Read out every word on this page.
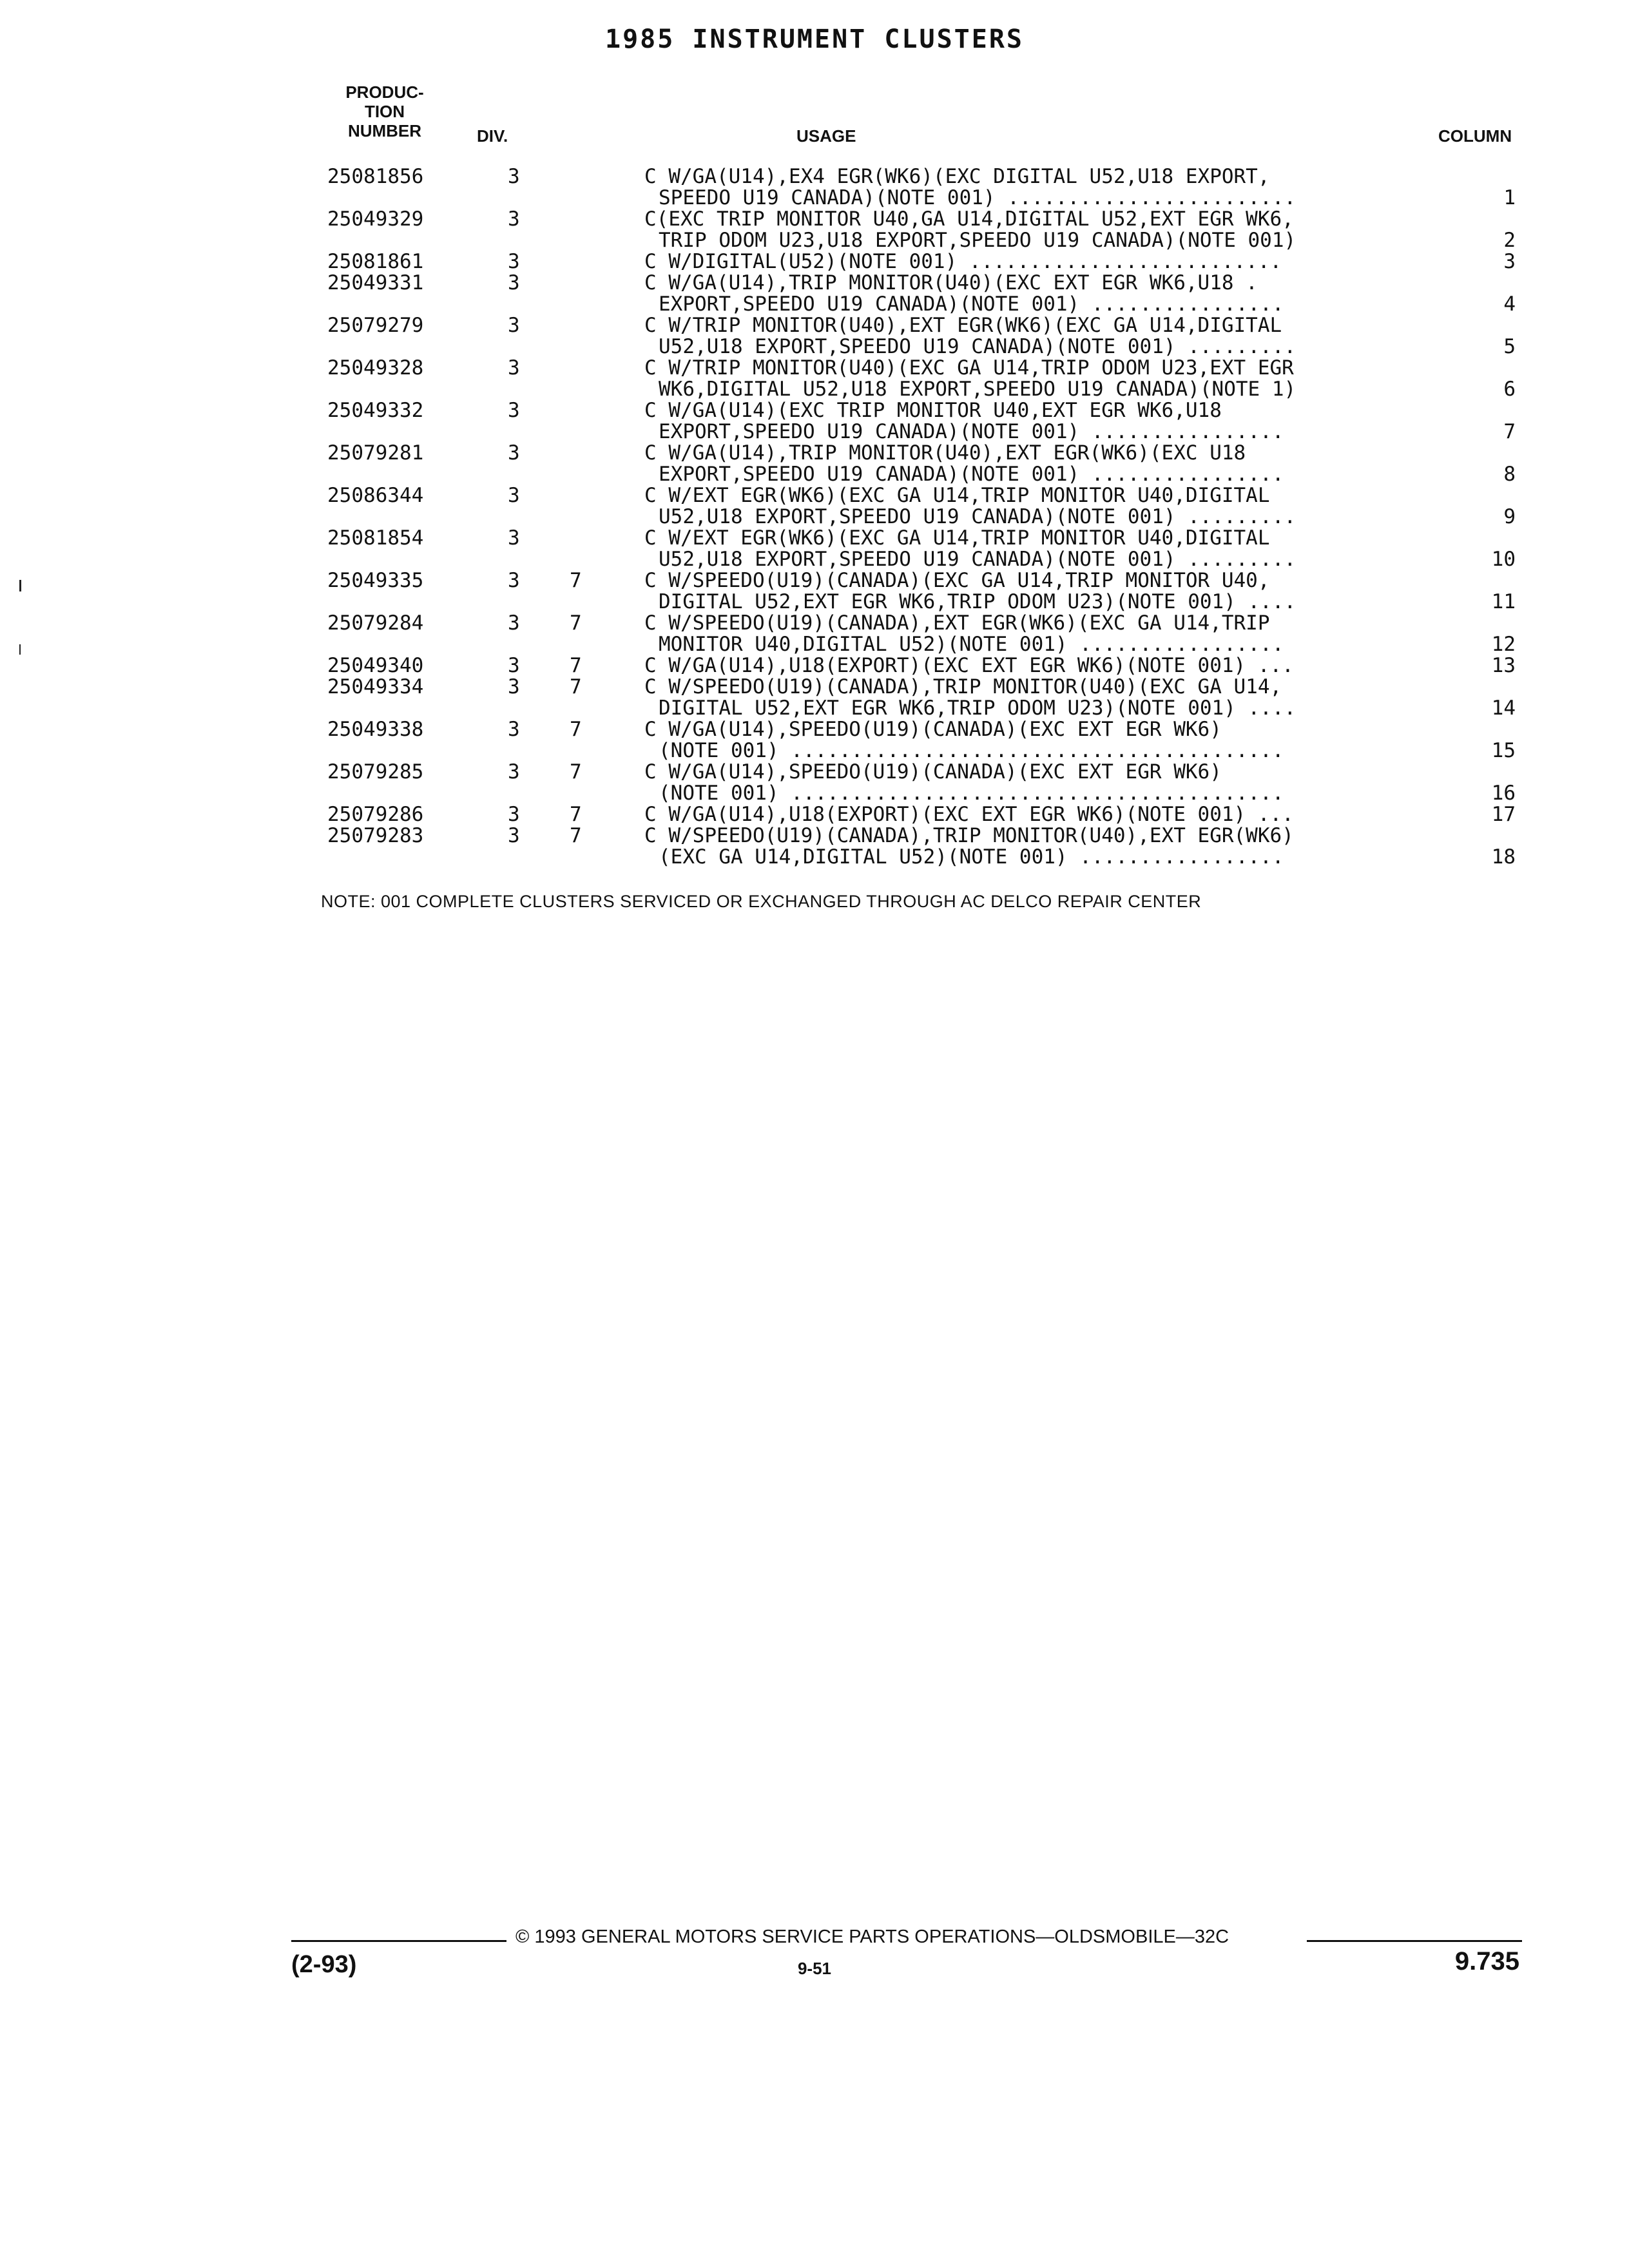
1985 INSTRUMENT CLUSTERS
PRODUC-
TION
NUMBER	DIV.	USAGE	COLUMN
25081856	3	C W/GA(U14),EX4 EGR(WK6)(EXC DIGITAL U52,U18 EXPORT,
SPEEDO U19 CANADA)(NOTE 001) ........................	1
25049329	3	C(EXC TRIP MONITOR U40,GA U14,DIGITAL U52,EXT EGR WK6,
TRIP ODOM U23,U18 EXPORT,SPEEDO U19 CANADA)(NOTE 001)	2
25081861	3	C W/DIGITAL(U52)(NOTE 001) ..........................	3
25049331	3	C W/GA(U14),TRIP MONITOR(U40)(EXC EXT EGR WK6,U18 .
EXPORT,SPEEDO U19 CANADA)(NOTE 001) ................	4
25079279	3	C W/TRIP MONITOR(U40),EXT EGR(WK6)(EXC GA U14,DIGITAL
U52,U18 EXPORT,SPEEDO U19 CANADA)(NOTE 001) .........	5
25049328	3	C W/TRIP MONITOR(U40)(EXC GA U14,TRIP ODOM U23,EXT EGR
WK6,DIGITAL U52,U18 EXPORT,SPEEDO U19 CANADA)(NOTE 1)	6
25049332	3	C W/GA(U14)(EXC TRIP MONITOR U40,EXT EGR WK6,U18
EXPORT,SPEEDO U19 CANADA)(NOTE 001) ................	7
25079281	3	C W/GA(U14),TRIP MONITOR(U40),EXT EGR(WK6)(EXC U18
EXPORT,SPEEDO U19 CANADA)(NOTE 001) ................	8
25086344	3	C W/EXT EGR(WK6)(EXC GA U14,TRIP MONITOR U40,DIGITAL
U52,U18 EXPORT,SPEEDO U19 CANADA)(NOTE 001) .........	9
25081854	3	C W/EXT EGR(WK6)(EXC GA U14,TRIP MONITOR U40,DIGITAL
U52,U18 EXPORT,SPEEDO U19 CANADA)(NOTE 001) .........	10
25049335	3 7	C W/SPEEDO(U19)(CANADA)(EXC GA U14,TRIP MONITOR U40,
DIGITAL U52,EXT EGR WK6,TRIP ODOM U23)(NOTE 001) ....	11
25079284	3 7	C W/SPEEDO(U19)(CANADA),EXT EGR(WK6)(EXC GA U14,TRIP
MONITOR U40,DIGITAL U52)(NOTE 001) .................	12
25049340	3 7	C W/GA(U14),U18(EXPORT)(EXC EXT EGR WK6)(NOTE 001) ...	13
25049334	3 7	C W/SPEEDO(U19)(CANADA),TRIP MONITOR(U40)(EXC GA U14,
DIGITAL U52,EXT EGR WK6,TRIP ODOM U23)(NOTE 001) ....	14
25049338	3 7	C W/GA(U14),SPEEDO(U19)(CANADA)(EXC EXT EGR WK6)
(NOTE 001) .........................................	15
25079285	3 7	C W/GA(U14),SPEEDO(U19)(CANADA)(EXC EXT EGR WK6)
(NOTE 001) .........................................	16
25079286	3 7	C W/GA(U14),U18(EXPORT)(EXC EXT EGR WK6)(NOTE 001) ...	17
25079283	3 7	C W/SPEEDO(U19)(CANADA),TRIP MONITOR(U40),EXT EGR(WK6)
(EXC GA U14,DIGITAL U52)(NOTE 001) .................	18
NOTE: 001 COMPLETE CLUSTERS SERVICED OR EXCHANGED THROUGH AC DELCO REPAIR CENTER
© 1993 GENERAL MOTORS SERVICE PARTS OPERATIONS—OLDSMOBILE—32C
(2-93)	9-51	9.735
